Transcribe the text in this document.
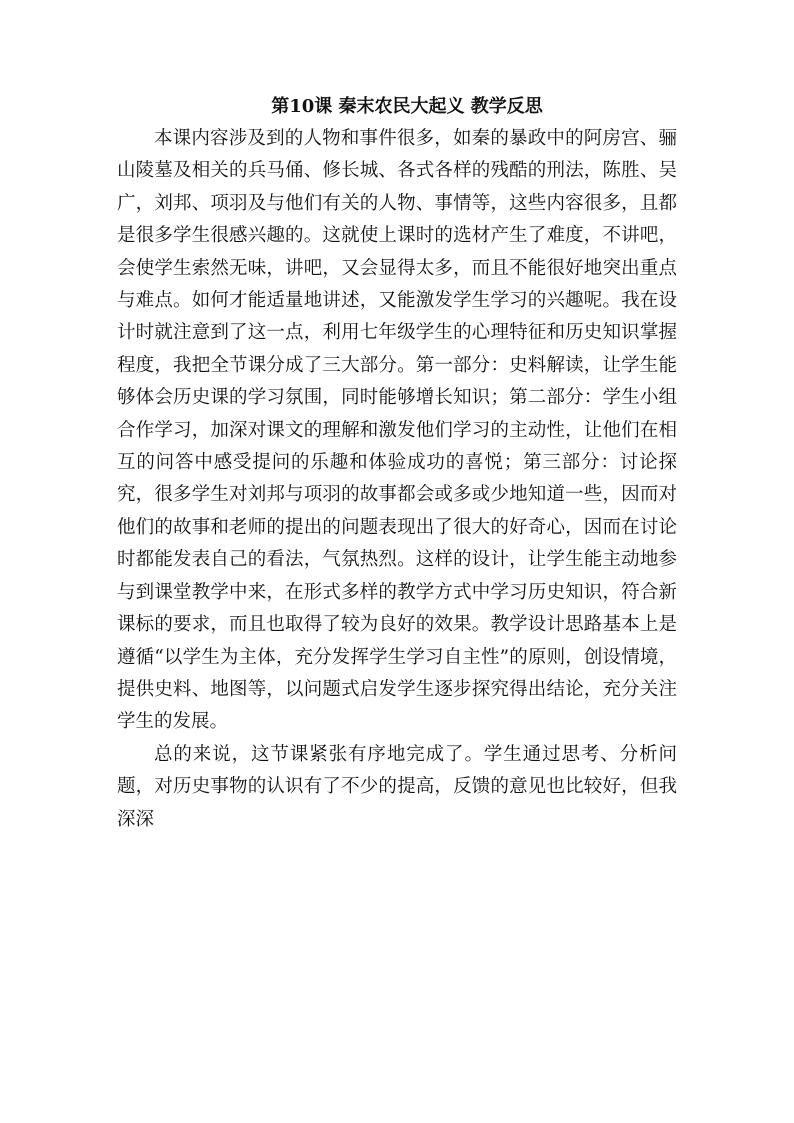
第10课 秦末农民大起义 教学反思

本课内容涉及到的人物和事件很多，如秦的暴政中的阿房宫、骊山陵墓及相关的兵马俑、修长城、各式各样的残酷的刑法，陈胜、吴广，刘邦、项羽及与他们有关的人物、事情等，这些内容很多，且都是很多学生很感兴趣的。这就使上课时的选材产生了难度，不讲吧，会使学生索然无味，讲吧，又会显得太多，而且不能很好地突出重点与难点。如何才能适量地讲述，又能激发学生学习的兴趣呢。我在设计时就注意到了这一点，利用七年级学生的心理特征和历史知识掌握程度，我把全节课分成了三大部分。第一部分：史料解读，让学生能够体会历史课的学习氛围，同时能够增长知识；第二部分：学生小组合作学习，加深对课文的理解和激发他们学习的主动性，让他们在相互的问答中感受提问的乐趣和体验成功的喜悦；第三部分：讨论探究，很多学生对刘邦与项羽的故事都会或多或少地知道一些，因而对他们的故事和老师的提出的问题表现出了很大的好奇心，因而在讨论时都能发表自己的看法，气氛热烈。这样的设计，让学生能主动地参与到课堂教学中来，在形式多样的教学方式中学习历史知识，符合新课标的要求，而且也取得了较为良好的效果。教学设计思路基本上是遵循“以学生为主体，充分发挥学生学习自主性”的原则，创设情境，提供史料、地图等，以问题式启发学生逐步探究得出结论，充分关注学生的发展。

总的来说，这节课紧张有序地完成了。学生通过思考、分析问题，对历史事物的认识有了不少的提高，反馈的意见也比较好，但我深深
